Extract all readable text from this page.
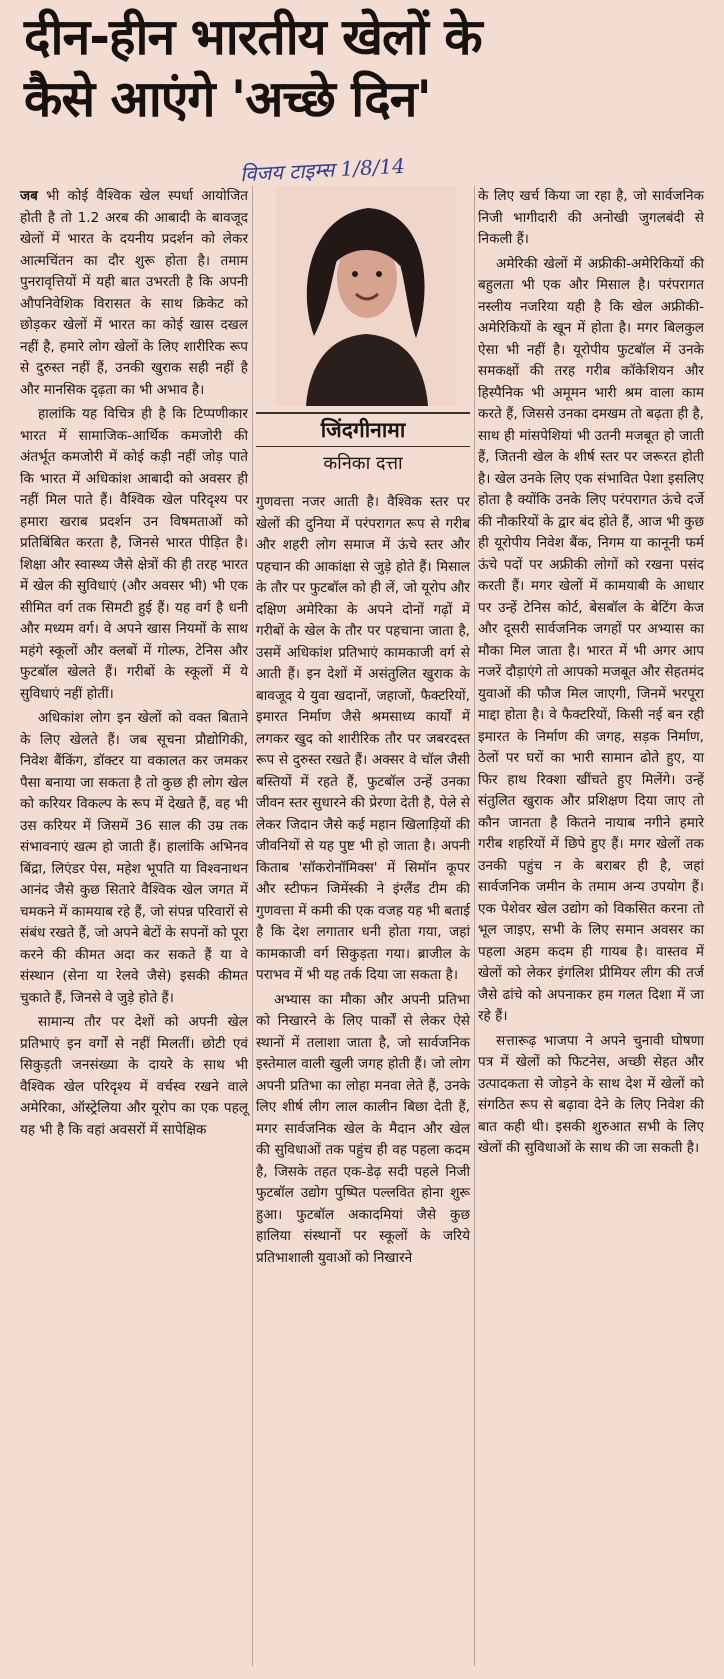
दीन-हीन भारतीय खेलों के
कैसे आएंगे 'अच्छे दिन'
विजय टाइम्स 1/8/14

जब भी कोई वैश्विक खेल स्पर्धा आयोजित होती है तो 1.2 अरब की आबादी के बावजूद खेलों में भारत के दयनीय प्रदर्शन को लेकर आत्मचिंतन का दौर शुरू होता है। तमाम पुनरावृत्तियों में यही बात उभरती है कि अपनी औपनिवेशिक विरासत के साथ क्रिकेट को छोड़कर खेलों में भारत का कोई खास दखल नहीं है, हमारे लोग खेलों के लिए शारीरिक रूप से दुरुस्त नहीं हैं, उनकी खुराक सही नहीं है और मानसिक दृढ़ता का भी अभाव है।

हालांकि यह विचित्र ही है कि टिप्पणीकार भारत में सामाजिक-आर्थिक कमजोरी की अंतर्भूत कमजोरी में कोई कड़ी नहीं जोड़ पाते कि भारत में अधिकांश आबादी को अवसर ही नहीं मिल पाते हैं। वैश्विक खेल परिदृश्य पर हमारा खराब प्रदर्शन उन विषमताओं को प्रतिबिंबित करता है, जिनसे भारत पीड़ित है। शिक्षा और स्वास्थ्य जैसे क्षेत्रों की ही तरह भारत में खेल की सुविधाएं (और अवसर भी) भी एक सीमित वर्ग तक सिमटी हुई हैं। यह वर्ग है धनी और मध्यम वर्ग। वे अपने खास नियमों के साथ महंगे स्कूलों और क्लबों में गोल्फ, टेनिस और फुटबॉल खेलते हैं। गरीबों के स्कूलों में ये सुविधाएं नहीं होतीं।

अधिकांश लोग इन खेलों को वक्त बिताने के लिए खेलते हैं। जब सूचना प्रौद्योगिकी, निवेश बैंकिंग, डॉक्टर या वकालत कर जमकर पैसा बनाया जा सकता है तो कुछ ही लोग खेल को करियर विकल्प के रूप में देखते हैं, वह भी उस करियर में जिसमें 36 साल की उम्र तक संभावनाएं खत्म हो जाती हैं। हालांकि अभिनव बिंद्रा, लिएंडर पेस, महेश भूपति या विश्वनाथन आनंद जैसे कुछ सितारे वैश्विक खेल जगत में चमकने में कामयाब रहे हैं, जो संपन्न परिवारों से संबंध रखते हैं, जो अपने बेटों के सपनों को पूरा करने की कीमत अदा कर सकते हैं या वे संस्थान (सेना या रेलवे जैसे) इसकी कीमत चुकाते हैं, जिनसे वे जुड़े होते हैं।

सामान्य तौर पर देशों को अपनी खेल प्रतिभाएं इन वर्गों से नहीं मिलतीं। छोटी एवं सिकुड़ती जनसंख्या के दायरे के साथ भी वैश्विक खेल परिदृश्य में वर्चस्व रखने वाले अमेरिका, ऑस्ट्रेलिया और यूरोप का एक पहलू यह भी है कि वहां अवसरों में सापेक्षिक

जिंदगीनामा
कनिका दत्ता

गुणवत्ता नजर आती है। वैश्विक स्तर पर खेलों की दुनिया में परंपरागत रूप से गरीब और शहरी लोग समाज में ऊंचे स्तर और पहचान की आकांक्षा से जुड़े होते हैं। मिसाल के तौर पर फुटबॉल को ही लें, जो यूरोप और दक्षिण अमेरिका के अपने दोनों गढ़ों में गरीबों के खेल के तौर पर पहचाना जाता है, उसमें अधिकांश प्रतिभाएं कामकाजी वर्ग से आती हैं। इन देशों में असंतुलित खुराक के बावजूद ये युवा खदानों, जहाजों, फैक्टरियों, इमारत निर्माण जैसे श्रमसाध्य कार्यों में लगकर खुद को शारीरिक तौर पर जबरदस्त रूप से दुरुस्त रखते हैं। अक्सर वे चॉल जैसी बस्तियों में रहते हैं, फुटबॉल उन्हें उनका जीवन स्तर सुधारने की प्रेरणा देती है, पेले से लेकर जिदान जैसे कई महान खिलाड़ियों की जीवनियों से यह पुष्ट भी हो जाता है। अपनी किताब 'सॉकरोनॉमिक्स' में सिमॉन कूपर और स्टीफन जिमेंस्की ने इंग्लैंड टीम की गुणवत्ता में कमी की एक वजह यह भी बताई है कि देश लगातार धनी होता गया, जहां कामकाजी वर्ग सिकुड़ता गया। ब्राजील के पराभव में भी यह तर्क दिया जा सकता है।

अभ्यास का मौका और अपनी प्रतिभा को निखारने के लिए पार्कों से लेकर ऐसे स्थानों में तलाशा जाता है, जो सार्वजनिक इस्तेमाल वाली खुली जगह होती हैं। जो लोग अपनी प्रतिभा का लोहा मनवा लेते हैं, उनके लिए शीर्ष लीग लाल कालीन बिछा देती हैं, मगर सार्वजनिक खेल के मैदान और खेल की सुविधाओं तक पहुंच ही वह पहला कदम है, जिसके तहत एक-डेढ़ सदी पहले निजी फुटबॉल उद्योग पुष्पित पल्लवित होना शुरू हुआ। फुटबॉल अकादमियां जैसे कुछ हालिया संस्थानों पर स्कूलों के जरिये प्रतिभाशाली युवाओं को निखारने

के लिए खर्च किया जा रहा है, जो सार्वजनिक निजी भागीदारी की अनोखी जुगलबंदी से निकली हैं।

अमेरिकी खेलों में अफ्रीकी-अमेरिकियों की बहुलता भी एक और मिसाल है। परंपरागत नस्लीय नजरिया यही है कि खेल अफ्रीकी-अमेरिकियों के खून में होता है। मगर बिलकुल ऐसा भी नहीं है। यूरोपीय फुटबॉल में उनके समकक्षों की तरह गरीब कॉकेशियन और हिस्पैनिक भी अमूमन भारी श्रम वाला काम करते हैं, जिससे उनका दमखम तो बढ़ता ही है, साथ ही मांसपेशियां भी उतनी मजबूत हो जाती हैं, जितनी खेल के शीर्ष स्तर पर जरूरत होती है। खेल उनके लिए एक संभावित पेशा इसलिए होता है क्योंकि उनके लिए परंपरागत ऊंचे दर्जे की नौकरियों के द्वार बंद होते हैं, आज भी कुछ ही यूरोपीय निवेश बैंक, निगम या कानूनी फर्म ऊंचे पदों पर अफ्रीकी लोगों को रखना पसंद करती हैं। मगर खेलों में कामयाबी के आधार पर उन्हें टेनिस कोर्ट, बेसबॉल के बेटिंग केज और दूसरी सार्वजनिक जगहों पर अभ्यास का मौका मिल जाता है। भारत में भी अगर आप नजरें दौड़ाएंगे तो आपको मजबूत और सेहतमंद युवाओं की फौज मिल जाएगी, जिनमें भरपूरा माद्दा होता है। वे फैक्टरियों, किसी नई बन रही इमारत के निर्माण की जगह, सड़क निर्माण, ठेलों पर घरों का भारी सामान ढोते हुए, या फिर हाथ रिक्शा खींचते हुए मिलेंगे। उन्हें संतुलित खुराक और प्रशिक्षण दिया जाए तो कौन जानता है कितने नायाब नगीने हमारे गरीब शहरियों में छिपे हुए हैं। मगर खेलों तक उनकी पहुंच न के बराबर ही है, जहां सार्वजनिक जमीन के तमाम अन्य उपयोग हैं। एक पेशेवर खेल उद्योग को विकसित करना तो भूल जाइए, सभी के लिए समान अवसर का पहला अहम कदम ही गायब है। वास्तव में खेलों को लेकर इंगलिश प्रीमियर लीग की तर्ज जैसे ढांचे को अपनाकर हम गलत दिशा में जा रहे हैं।

सत्तारूढ़ भाजपा ने अपने चुनावी घोषणा पत्र में खेलों को फिटनेस, अच्छी सेहत और उत्पादकता से जोड़ने के साथ देश में खेलों को संगठित रूप से बढ़ावा देने के लिए निवेश की बात कही थी। इसकी शुरुआत सभी के लिए खेलों की सुविधाओं के साथ की जा सकती है।
